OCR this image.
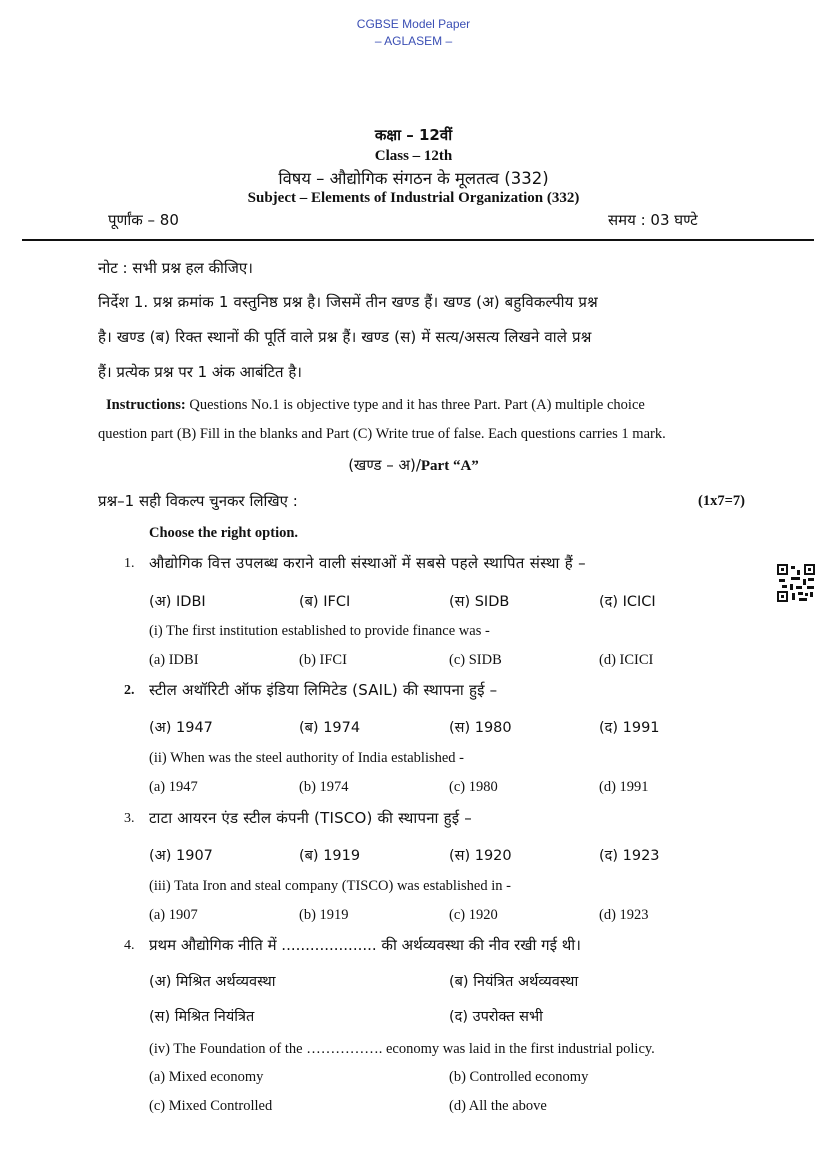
CGBSE Model Paper
– AGLASEM –
कक्षा – 12वीं
Class – 12th
विषय – औद्योगिक संगठन के मूलतत्व (332)
Subject – Elements of Industrial Organization (332)
पूर्णांक – 80	समय : 03 घण्टे
नोट : सभी प्रश्न हल कीजिए।
निर्देश 1. प्रश्न क्रमांक 1 वस्तुनिष्ठ प्रश्न है। जिसमें तीन खण्ड हैं। खण्ड (अ) बहुविकल्पीय प्रश्न
है। खण्ड (ब) रिक्त स्थानों की पूर्ति वाले प्रश्न हैं। खण्ड (स) में सत्य/असत्य लिखने वाले प्रश्न
हैं। प्रत्येक प्रश्न पर 1 अंक आबंटित है।
Instructions: Questions No.1 is objective type and it has three Part. Part (A) multiple choice
question part (B) Fill in the blanks and Part (C) Write true of false. Each questions carries 1 mark.
(खण्ड – अ)/Part “A”
प्रश्न–1 सही विकल्प चुनकर लिखिए :	(1x7=7)
Choose the right option.
1. औद्योगिक वित्त उपलब्ध कराने वाली संस्थाओं में सबसे पहले स्थापित संस्था हैं –
(अ) IDBI	(ब) IFCI	(स) SIDB	(द) ICICI
(i) The first institution established to provide finance was -
(a) IDBI	(b) IFCI	(c) SIDB	(d) ICICI
2. स्टील अथॉरिटी ऑफ इंडिया लिमिटेड (SAIL) की स्थापना हुई –
(अ) 1947	(ब) 1974	(स) 1980	(द) 1991
(ii) When was the steel authority of India established -
(a) 1947	(b) 1974	(c) 1980	(d) 1991
3. टाटा आयरन एंड स्टील कंपनी (TISCO) की स्थापना हुई –
(अ) 1907	(ब) 1919	(स) 1920	(द) 1923
(iii) Tata Iron and steal company (TISCO) was established in -
(a) 1907	(b) 1919	(c) 1920	(d) 1923
4. प्रथम औद्योगिक नीति में .................... की अर्थव्यवस्था की नीव रखी गई थी।
(अ) मिश्रित अर्थव्यवस्था	(ब) नियंत्रित अर्थव्यवस्था
(स) मिश्रित नियंत्रित	(द) उपरोक्त सभी
(iv) The Foundation of the ……………. economy was laid in the first industrial policy.
(a) Mixed economy	(b) Controlled economy
(c) Mixed Controlled	(d) All the above
